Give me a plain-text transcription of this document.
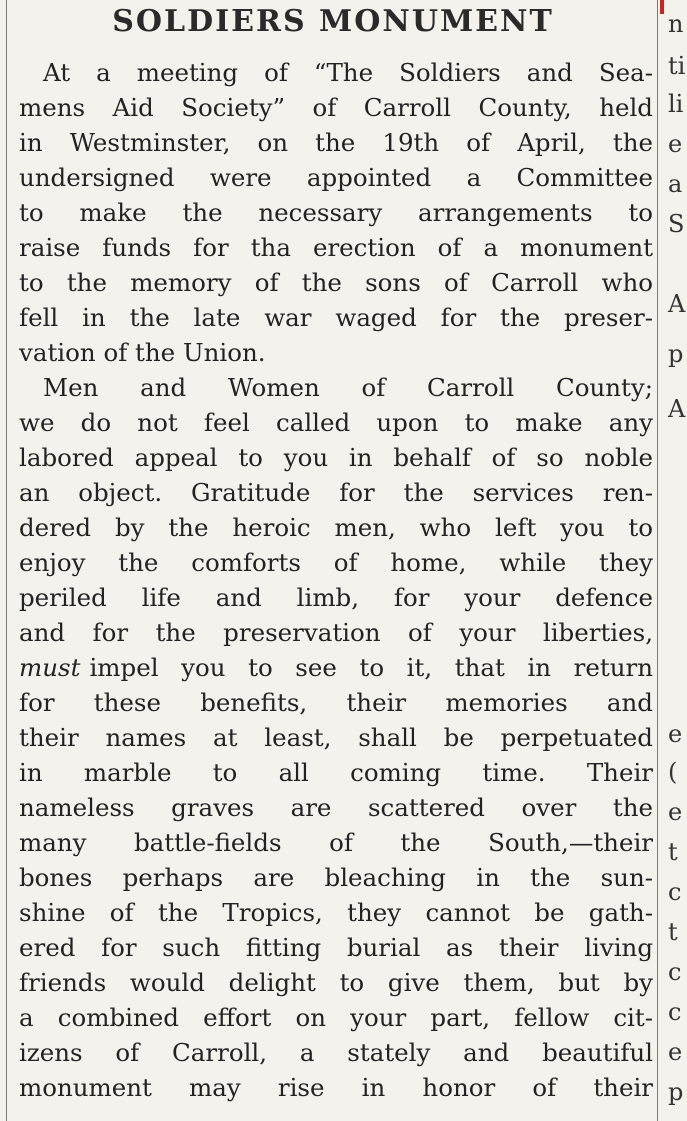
SOLDIERS MONUMENT
At a meeting of “The Soldiers and Sea-
mens Aid Society” of Carroll County, held
in Westminster, on the 19th of April, the
undersigned were appointed a Committee
to make the necessary arrangements to
raise funds for tha erection of a monument
to the memory of the sons of Carroll who
fell in the late war waged for the preser-
vation of the Union.
Men and Women of Carroll County;
we do not feel called upon to make any
labored appeal to you in behalf of so noble
an object. Gratitude for the services ren-
dered by the heroic men, who left you to
enjoy the comforts of home, while they
periled life and limb, for your defence
and for the preservation of your liberties,
must impel you to see to it, that in return
for these benefits, their memories and
their names at least, shall be perpetuated
in marble to all coming time. Their
nameless graves are scattered over the
many battle-fields of the South,—their
bones perhaps are bleaching in the sun-
shine of the Tropics, they cannot be gath-
ered for such fitting burial as their living
friends would delight to give them, but by
a combined effort on your part, fellow cit-
izens of Carroll, a stately and beautiful
monument may rise in honor of their
n
ti
li
e
a
S
A
p
A
e
(
e
t
c
t
c
c
e
p
